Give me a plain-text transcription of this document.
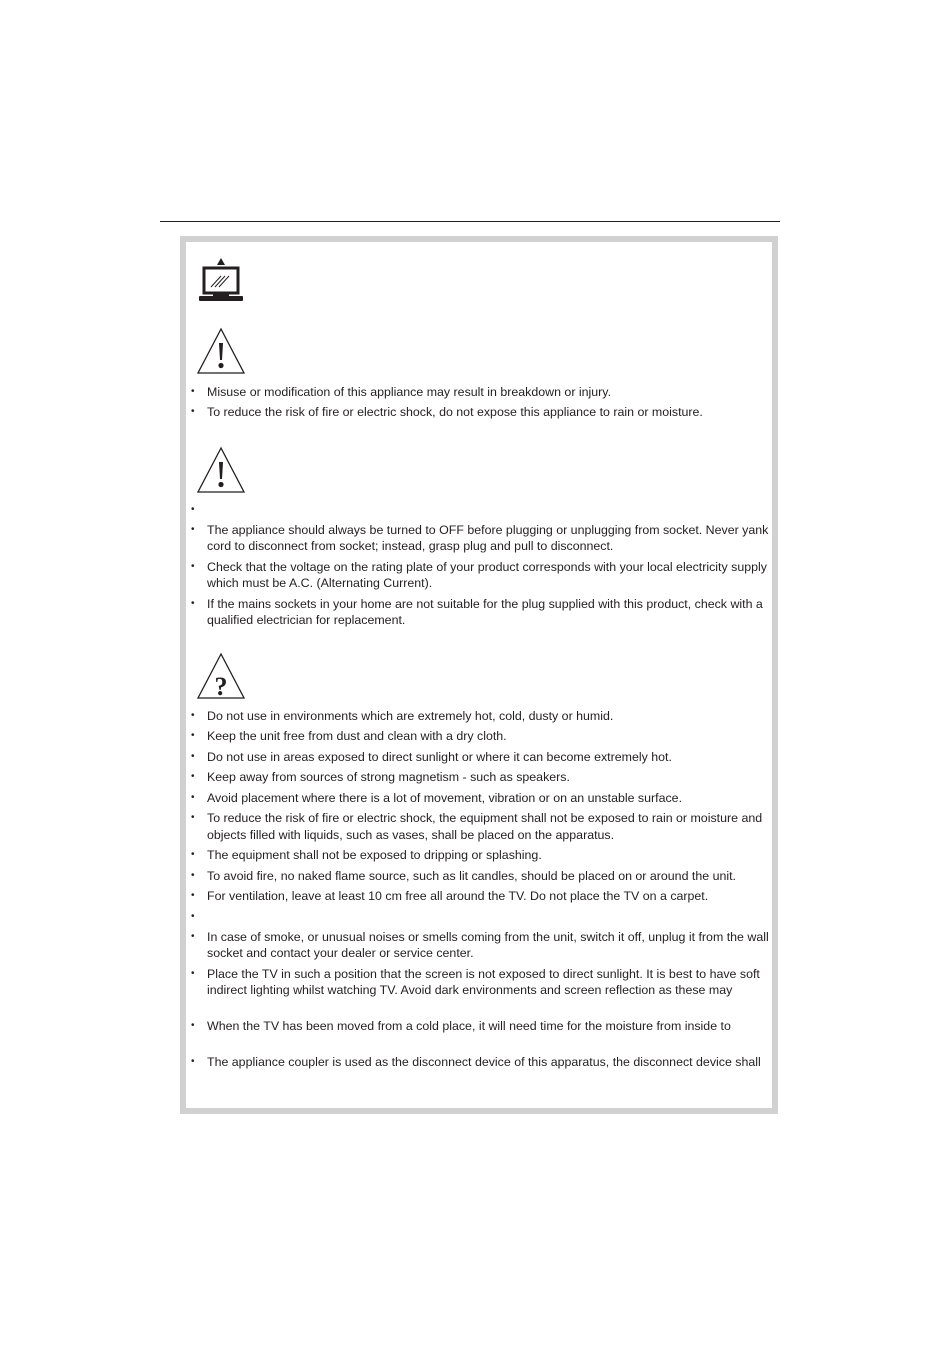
• Misuse or modification of this appliance may result in breakdown or injury.
• To reduce the risk of fire or electric shock, do not expose this appliance to rain or moisture.
•
• The appliance should always be turned to OFF before plugging or unplugging from socket. Never yank cord to disconnect from socket; instead, grasp plug and pull to disconnect.
• Check that the voltage on the rating plate of your product corresponds with your local electricity supply which must be A.C. (Alternating Current).
• If the mains sockets in your home are not suitable for the plug supplied with this product, check with a qualified electrician for replacement.
?
• Do not use in environments which are extremely hot, cold, dusty or humid.
• Keep the unit free from dust and clean with a dry cloth.
• Do not use in areas exposed to direct sunlight or where it can become extremely hot.
• Keep away from sources of strong magnetism - such as speakers.
• Avoid placement where there is a lot of movement, vibration or on an unstable surface.
• To reduce the risk of fire or electric shock, the equipment shall not be exposed to rain or moisture and objects filled with liquids, such as vases, shall be placed on the apparatus.
• The equipment shall not be exposed to dripping or splashing.
• To avoid fire, no naked flame source, such as lit candles, should be placed on or around the unit.
• For ventilation, leave at least 10 cm free all around the TV. Do not place the TV on a carpet.
•
• In case of smoke, or unusual noises or smells coming from the unit, switch it off, unplug it from the wall socket and contact your dealer or service center.
• Place the TV in such a position that the screen is not exposed to direct sunlight. It is best to have soft indirect lighting whilst watching TV. Avoid dark environments and screen reflection as these may
• When the TV has been moved from a cold place, it will need time for the moisture from inside to
• The appliance coupler is used as the disconnect device of this apparatus, the disconnect device shall
